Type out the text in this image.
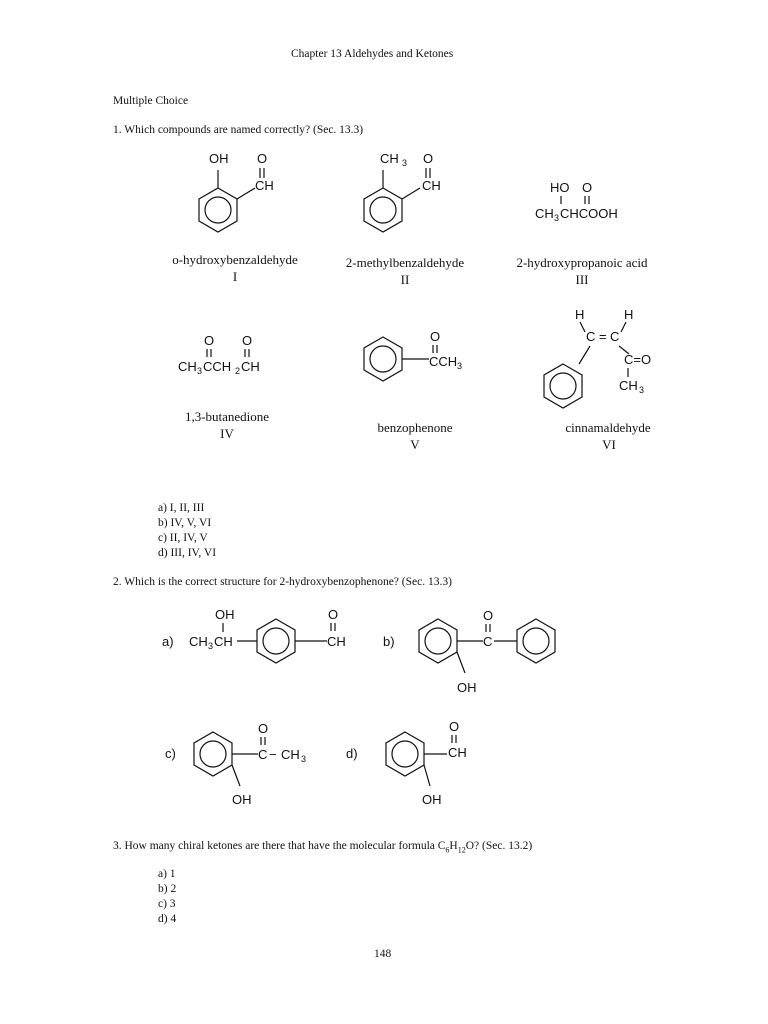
Chapter 13 Aldehydes and Ketones
Multiple Choice
1. Which compounds are named correctly? (Sec. 13.3)
OH O
CH
o-hydroxybenzaldehyde
I
CH 3 O
CH
2-methylbenzaldehyde
II
HO O
CH 3 CHCOOH
2-hydroxypropanoic acid
III
O O
CH 3 CCH 2 CH
1,3-butanedione
IV
O
CCH 3
benzophenone
V
H	H
C = C
C=O
CH 3
cinnamaldehyde
VI
a) I, II, III
b) IV, V, VI
c) II, IV, V
d) III, IV, VI
2. Which is the correct structure for 2-hydroxybenzophenone? (Sec. 13.3)
a)
OH
CH 3 CH
O
CH	b)
O
C
OH
c)
O
C − CH 3
OH
d)
O
CH
OH
3. How many chiral ketones are there that have the molecular formula $C_6H_{12}O$? (Sec. 13.2)
a) 1
b) 2
c) 3
d) 4
148
